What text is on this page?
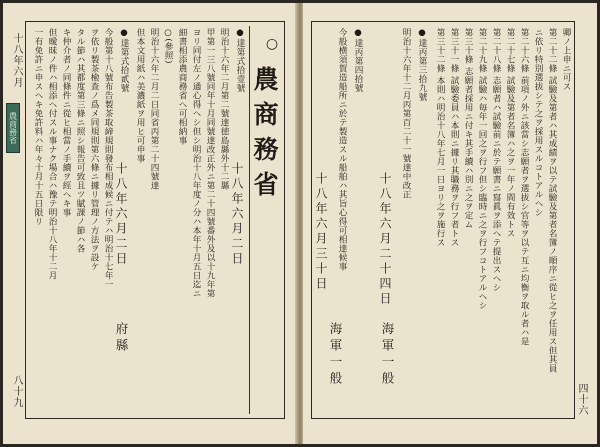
農商務省
十八年六月
八十九
○
農商務省
●達第式拾壹號
十八年六月二日
明治十六年二月第二號達徳島縣外十二縣
甲第一三八號同年十月同號達改正外ニ第二十四號番外及以十九年第
ヨリ同付左ノ通心得ヘシ但シ明治十八年度ノ分ハ本年十月五日迄ニ
細書相添農商務省ヘ可相納事
○(參照)
明治十六年二月二日同省丙第二十四號達
但本文用紙ハ美濃紙ヲ用ヒ可申事
●達第式拾貳號
十八年六月二日
府縣
今般第十八號布告製茶取締規則發布相成候ニ付テハ明治十七年一
ヲ依リ製茶檢查ノ爲メ同規則第六條ニ據リ管理ノ方法ヲ設ケ
タル節ハ其都度第三條ニ照シ報告可致且ツ賦課ノ節ハ各
キ仲介者ノ同條件ニ從ヒ相當ノ手續ヲ經ヘキ事
但曖昧ノ件ハ相添ヘ付スル事ナク場合ハ豫テ明治十八年十二月
一有免許ニ申スヘキ免許料ハ年々十月十五日限リ
四十六
卿ノ上申ニ可ス
第二十二條 試驗及第者ハ其成績ヲ以テ試驗及第者名簿ノ順序ニ從ヒ之ヲ任用ス但其員
ニ依リ特別選拔シテ之ヲ採用スルコトアルヘシ
第二十六條 前項ノ外ニ該當シ志願者ヲ選拔シ官等ヲ以テ互ニ均衡ヲ取ル者ハ是
第二十七條 試驗及第者名簿ハ之ヲ一年ノ間有效トス
第二十八條 志願者ハ試驗前ニ於テ願書ニ寫眞ヲ添ヘテ提出スヘシ
第二十九條 試驗ハ毎年一回之ヲ行フ但シ臨時ニ之ヲ行フコトアルヘシ
第三十條 志願者採用ニ付キ其手續ハ別ニ之ヲ定ム
第三十一條 試驗委員ハ本則ニ據リ其職務ヲ行フ者トス
第三十二條 本則ハ明治十八年七月一日ヨリ之ヲ施行ス
●達丙第三拾九號
明治十六年十二月丙第百二十一號達中改正
十八年六月二十四日
海軍一般
●達丙第四拾號
今般横須賀造船所ニ於テ製造スル船舶ハ其旨心得可相達候事
十八年六月三十日
海軍一般
